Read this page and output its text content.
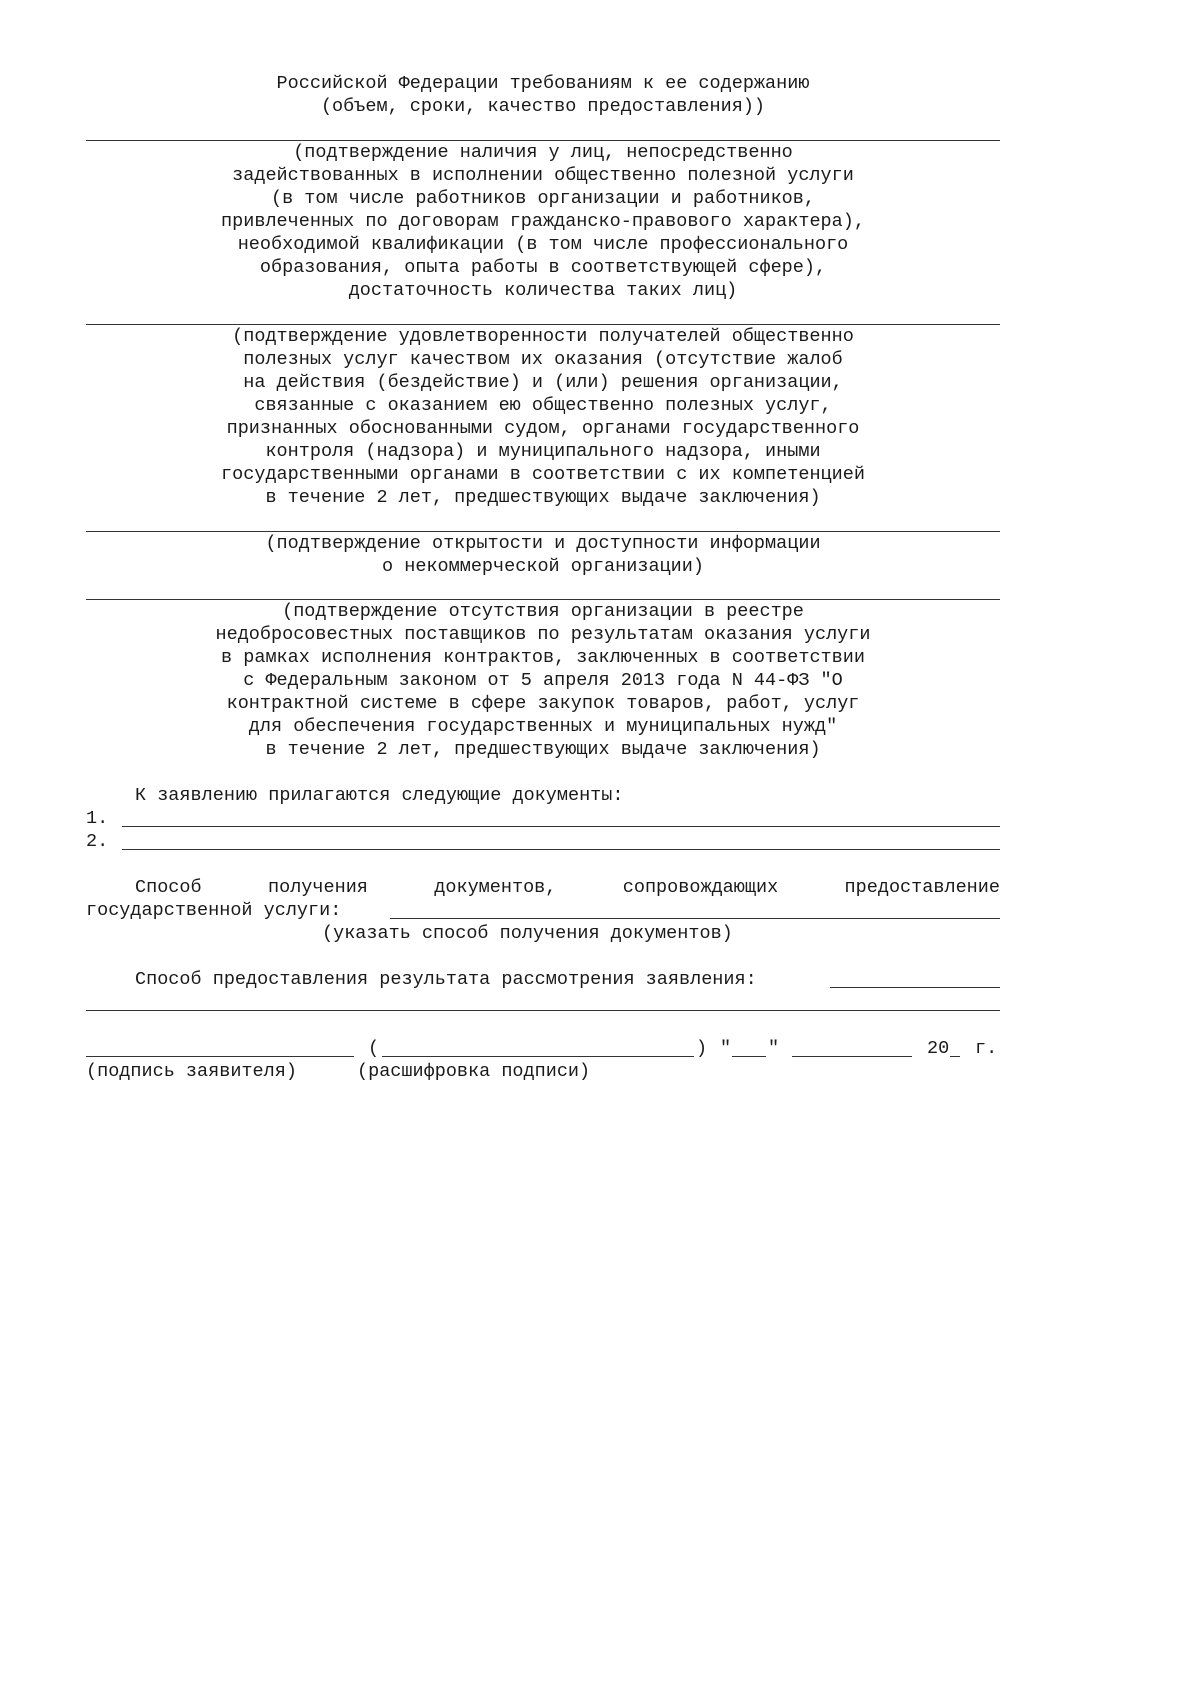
Российской Федерации требованиям к ее содержанию
(объем, сроки, качество предоставления))
(подтверждение наличия у лиц, непосредственно
задействованных в исполнении общественно полезной услуги
(в том числе работников организации и работников,
привлеченных по договорам гражданско-правового характера),
необходимой квалификации (в том числе профессионального
образования, опыта работы в соответствующей сфере),
достаточность количества таких лиц)
(подтверждение удовлетворенности получателей общественно
полезных услуг качеством их оказания (отсутствие жалоб
на действия (бездействие) и (или) решения организации,
связанные с оказанием ею общественно полезных услуг,
признанных обоснованными судом, органами государственного
контроля (надзора) и муниципального надзора, иными
государственными органами в соответствии с их компетенцией
в течение 2 лет, предшествующих выдаче заключения)
(подтверждение открытости и доступности информации
о некоммерческой организации)
(подтверждение отсутствия организации в реестре
недобросовестных поставщиков по результатам оказания услуги
в рамках исполнения контрактов, заключенных в соответствии
с Федеральным законом от 5 апреля 2013 года N 44-ФЗ "О
контрактной системе в сфере закупок товаров, работ, услуг
для обеспечения государственных и муниципальных нужд"
в течение 2 лет, предшествующих выдаче заключения)
К заявлению прилагаются следующие документы:
1.
2.
Способ	получения	документов,	сопровождающих	предоставление
государственной услуги:
(указать способ получения документов)
Способ предоставления результата рассмотрения заявления:
(	) " "	20 г.
(подпись заявителя)	(расшифровка подписи)
